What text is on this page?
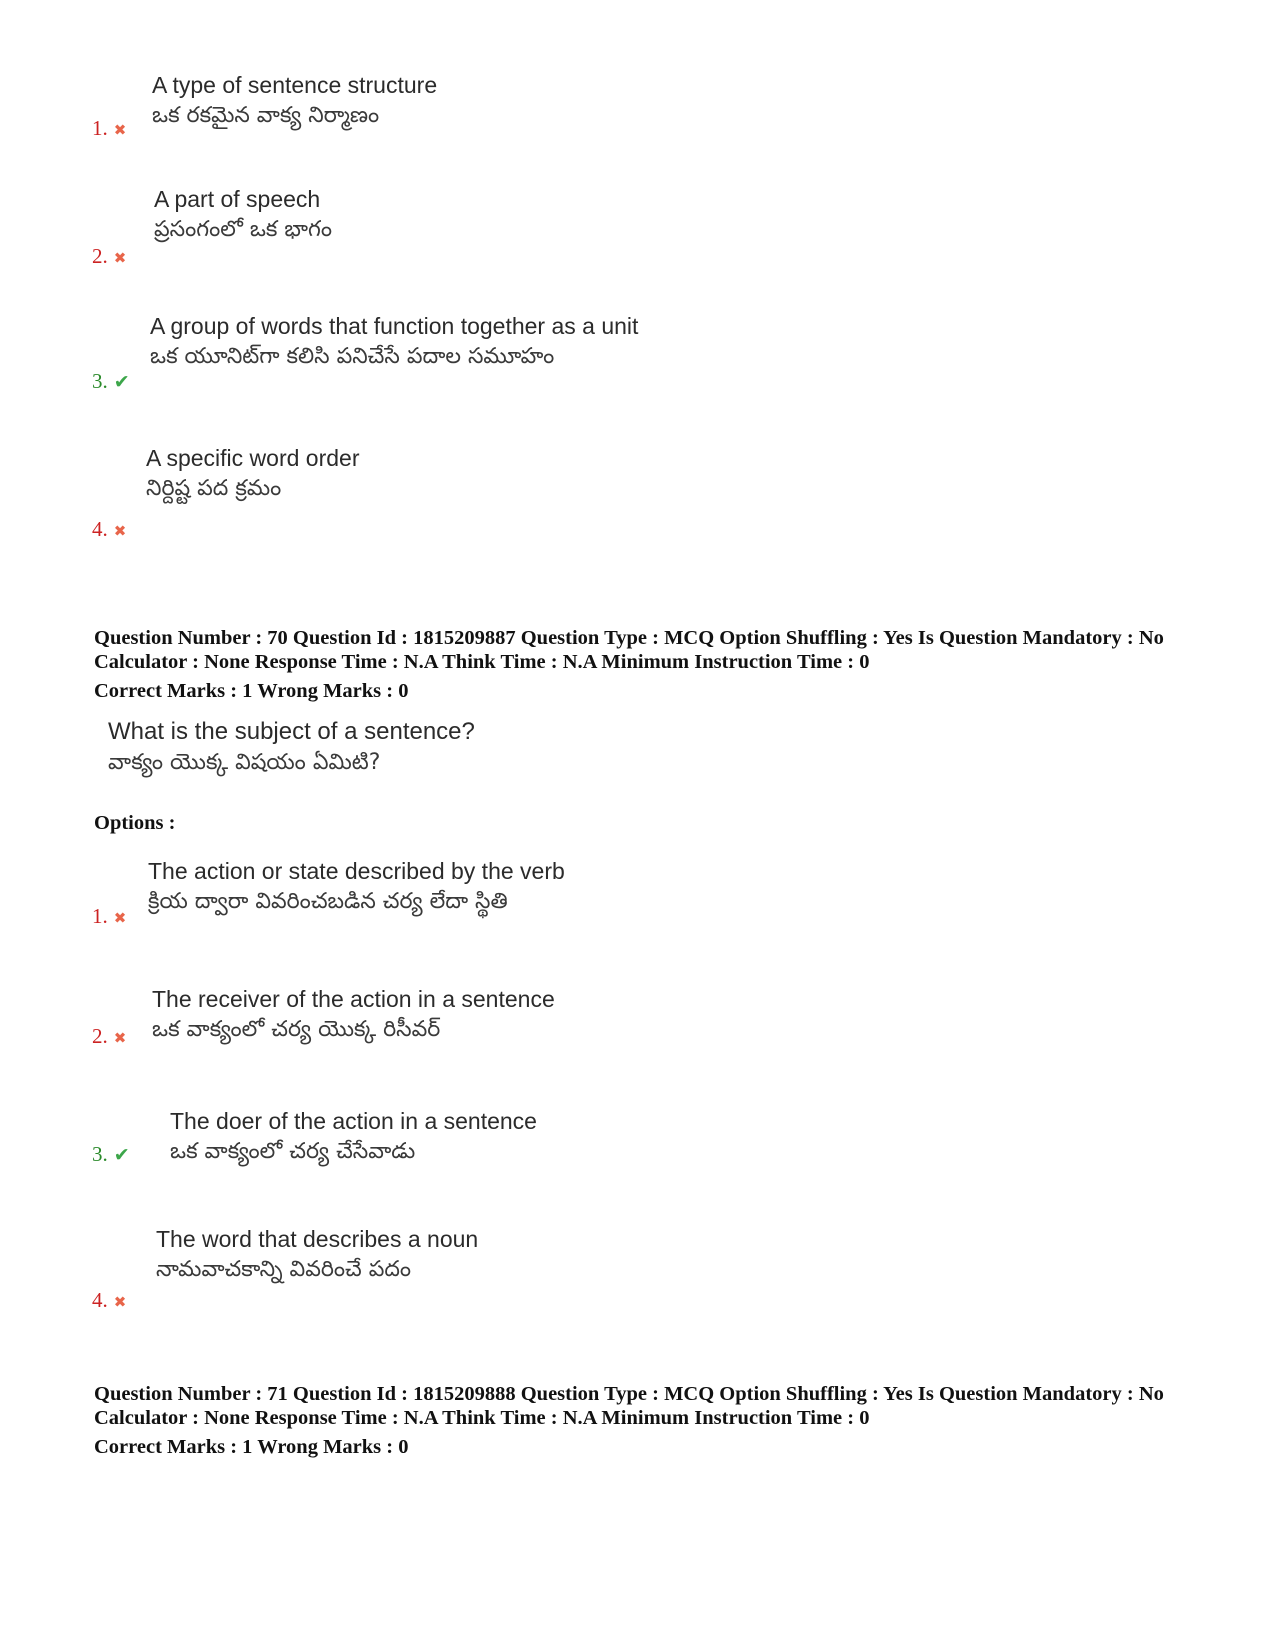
1. ✖
A type of sentence structure
ఒక రకమైన వాక్య నిర్మాణం
2. ✖
A part of speech
ప్రసంగంలో ఒక భాగం
3. ✔
A group of words that function together as a unit
ఒక యూనిట్‌గా కలిసి పనిచేసే పదాల సమూహం
4. ✖
A specific word order
నిర్దిష్ట పద క్రమం
Question Number : 70 Question Id : 1815209887 Question Type : MCQ Option Shuffling : Yes Is Question Mandatory : No Calculator : None Response Time : N.A Think Time : N.A Minimum Instruction Time : 0
Correct Marks : 1 Wrong Marks : 0
What is the subject of a sentence?
వాక్యం యొక్క విషయం ఏమిటి?
Options :
1. ✖
The action or state described by the verb
క్రియ ద్వారా వివరించబడిన చర్య లేదా స్థితి
2. ✖
The receiver of the action in a sentence
ఒక వాక్యంలో చర్య యొక్క రిసీవర్
3. ✔
The doer of the action in a sentence
ఒక వాక్యంలో చర్య చేసేవాడు
4. ✖
The word that describes a noun
నామవాచకాన్ని వివరించే పదం
Question Number : 71 Question Id : 1815209888 Question Type : MCQ Option Shuffling : Yes Is Question Mandatory : No Calculator : None Response Time : N.A Think Time : N.A Minimum Instruction Time : 0
Correct Marks : 1 Wrong Marks : 0
